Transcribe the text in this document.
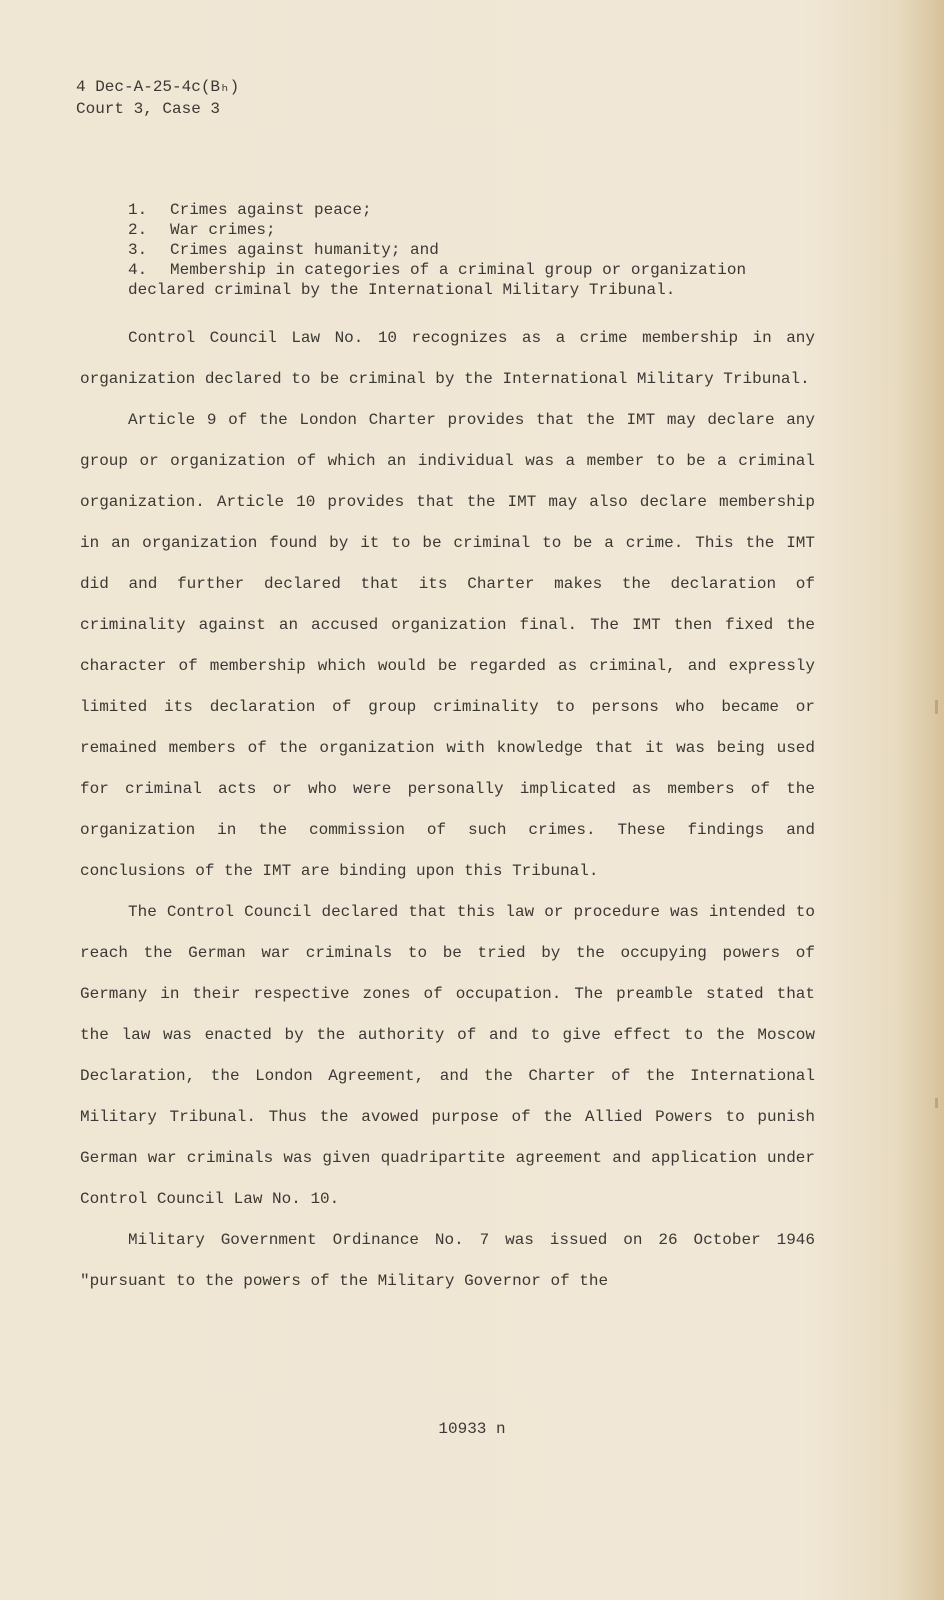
4 Dec-A-25-4c(Bₕ)
Court 3, Case 3
1.	Crimes against peace;
2.	War crimes;
3.	Crimes against humanity; and
4.	Membership in categories of a criminal group or organization
declared criminal by the International Military Tribunal.

Control Council Law No. 10 recognizes as a crime membership in any organization declared to be criminal by the International Military Tribunal.

Article 9 of the London Charter provides that the IMT may declare any group or organization of which an individual was a member to be a criminal organization. Article 10 provides that the IMT may also declare membership in an organization found by it to be criminal to be a crime. This the IMT did and further declared that its Charter makes the declaration of criminality against an accused organization final. The IMT then fixed the character of membership which would be regarded as criminal, and expressly limited its declaration of group criminality to persons who became or remained members of the organization with knowledge that it was being used for criminal acts or who were personally implicated as members of the organization in the commission of such crimes. These findings and conclusions of the IMT are binding upon this Tribunal.

The Control Council declared that this law or procedure was intended to reach the German war criminals to be tried by the occupying powers of Germany in their respective zones of occupation. The preamble stated that the law was enacted by the authority of and to give effect to the Moscow Declaration, the London Agreement, and the Charter of the International Military Tribunal. Thus the avowed purpose of the Allied Powers to punish German war criminals was given quadripartite agreement and application under Control Council Law No. 10.

Military Government Ordinance No. 7 was issued on 26 October 1946 "pursuant to the powers of the Military Governor of the

10933 n
